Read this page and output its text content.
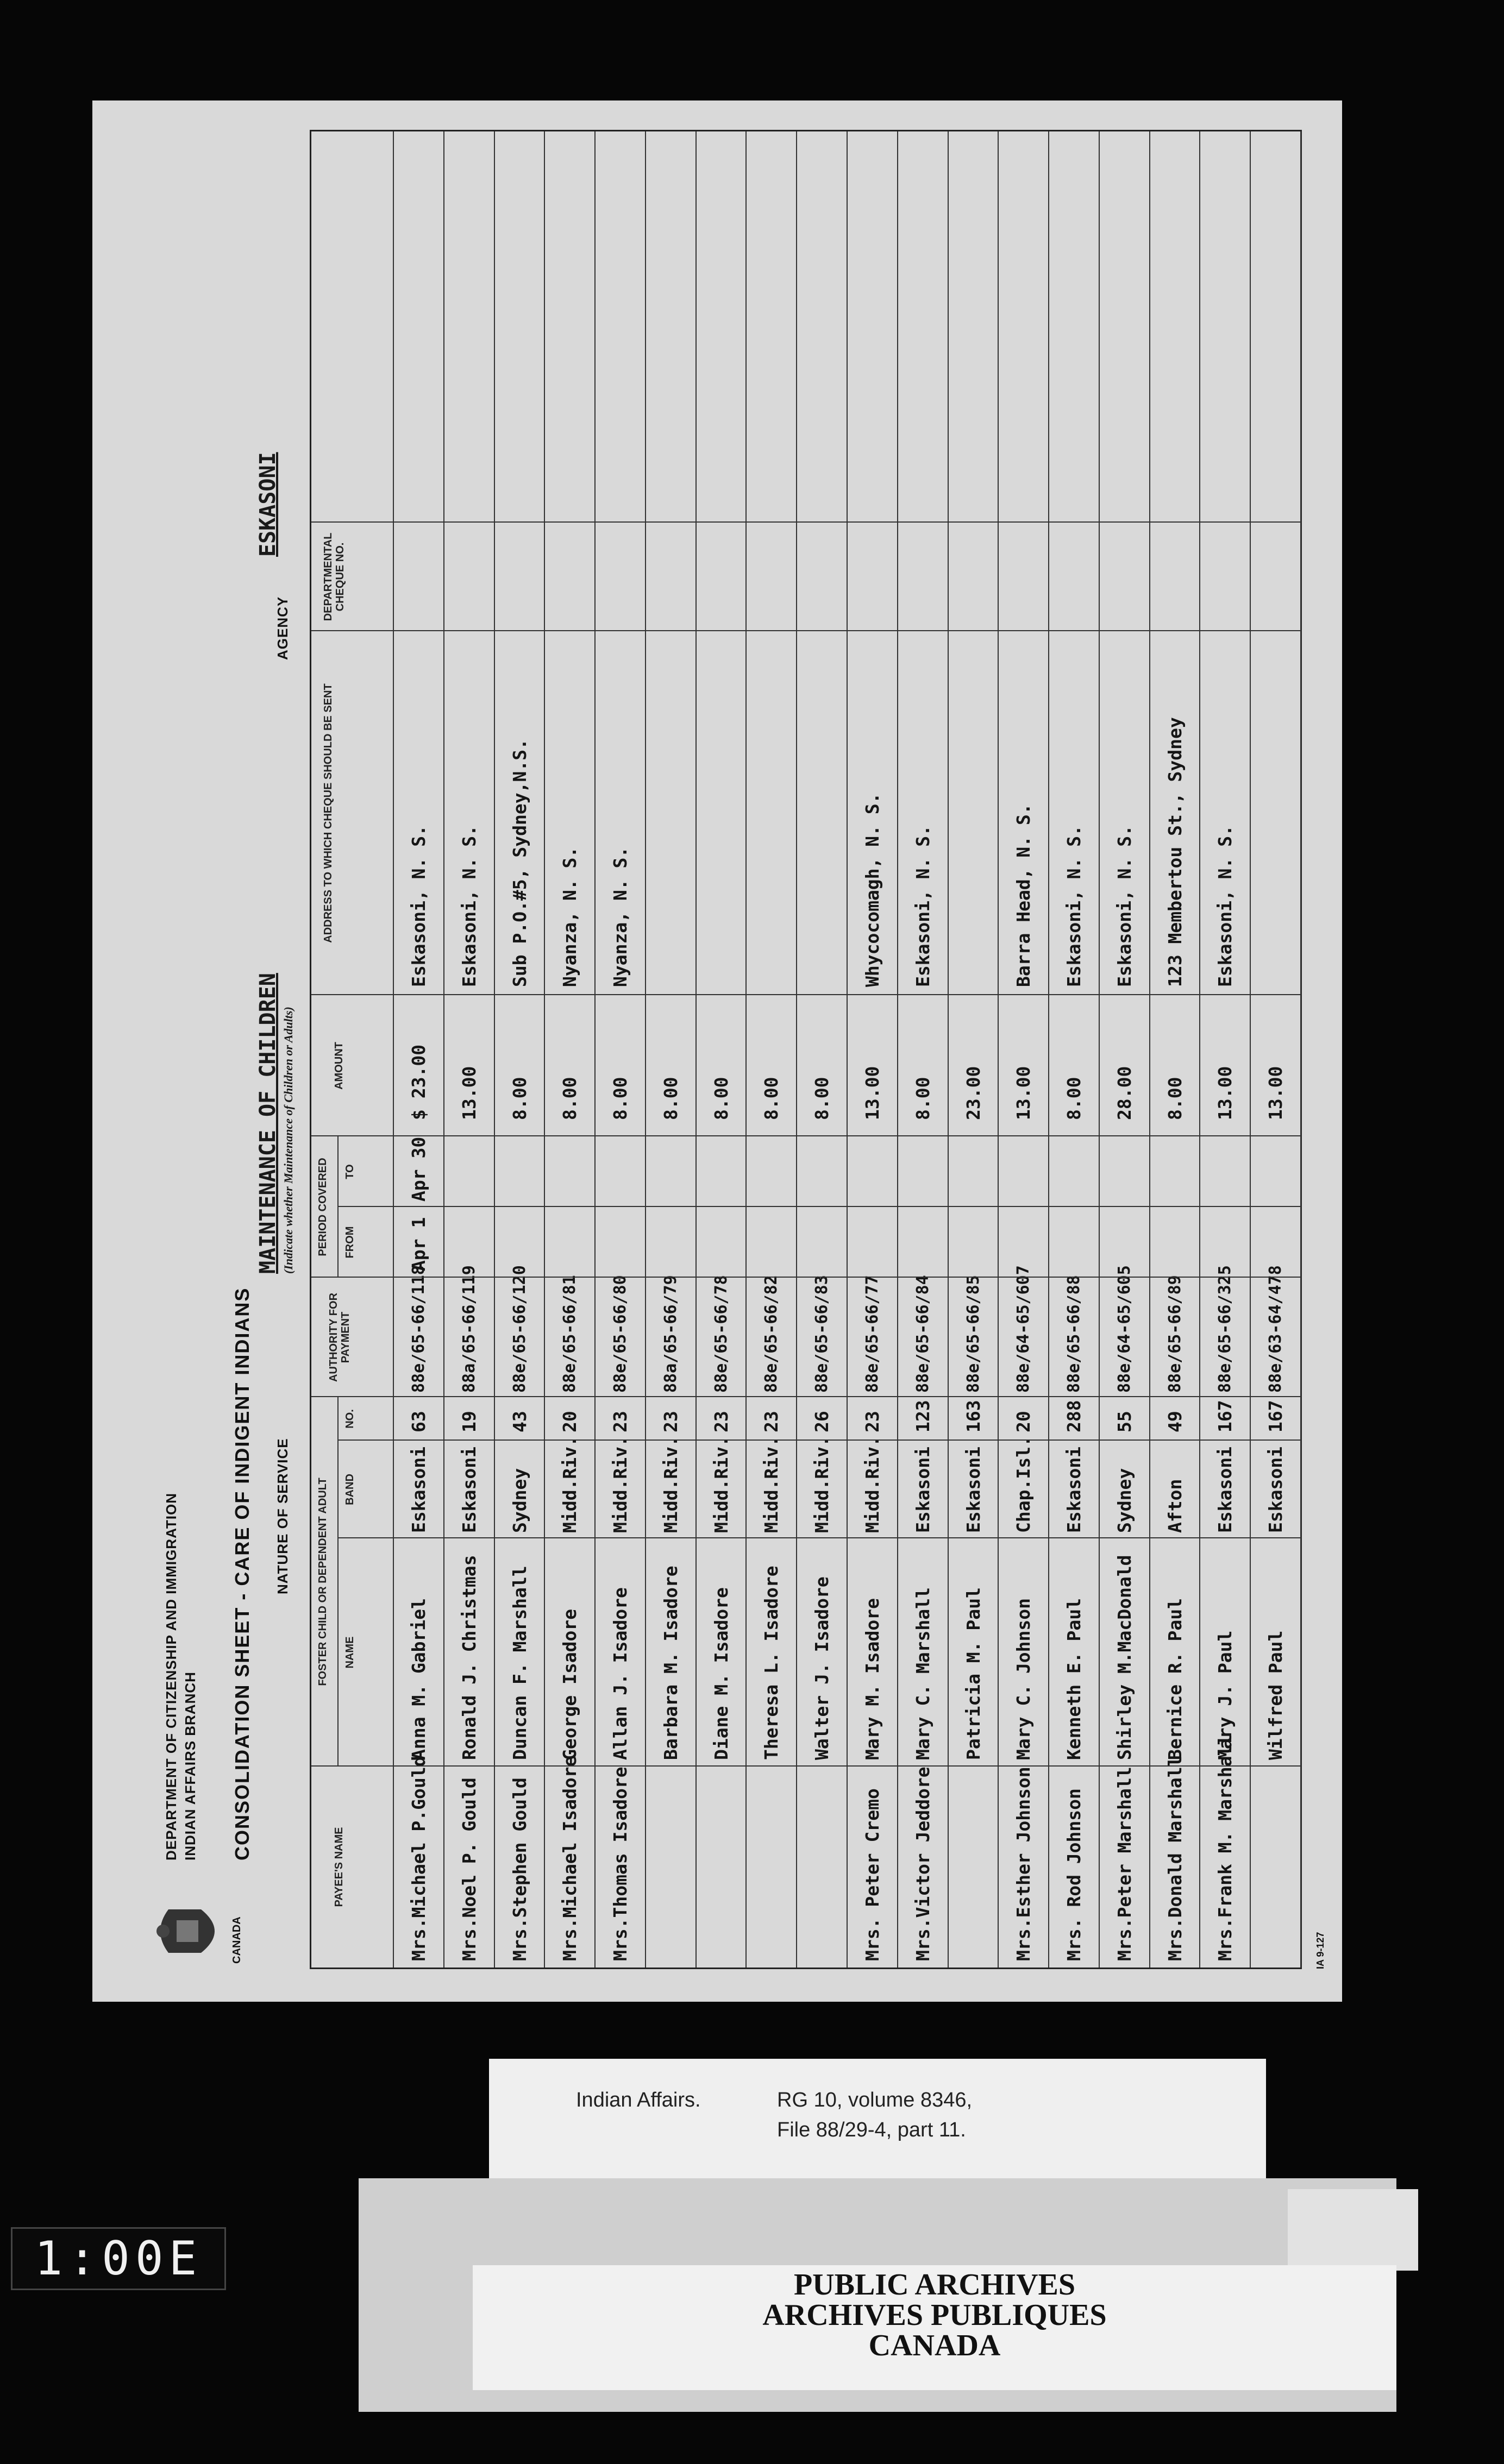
CANADA
DEPARTMENT OF CITIZENSHIP AND IMMIGRATION INDIAN AFFAIRS BRANCH CONSOLIDATION SHEET - CARE OF INDIGENT INDIANS NATURE OF SERVICE
MAINTENANCE OF CHILDREN (Indicate whether Maintenance of Children or Adults)
AGENCY
ESKASONI
IA 9-127
PAYEE'S NAME
FOSTER CHILD OR DEPENDENT ADULT NAME
BAND
NO.
AUTHORITY FOR PAYMENT
PERIOD COVERED FROM
TO
AMOUNT
ADDRESS TO WHICH CHEQUE SHOULD BE SENT
DEPARTMENTAL CHEQUE NO.
Mrs.Michael P.Gould
Anna M. Gabriel
Eskasoni
63
88e/65-66/118
Apr 1
Apr 30
$ 23.00
Eskasoni, N. S.
Mrs.Noel P. Gould
Ronald J. Christmas
Eskasoni
19
88a/65-66/119
13.00
Eskasoni, N. S.
Mrs.Stephen Gould
Duncan F. Marshall
Sydney
43
88e/65-66/120
8.00
Sub P.O.#5, Sydney,N.S.
Mrs.Michael Isadore
George Isadore
Midd.Riv.
20
88e/65-66/81
8.00
Nyanza, N. S.
Mrs.Thomas Isadore
Allan J. Isadore
Midd.Riv.
23
88e/65-66/80
8.00
Nyanza, N. S.
Barbara M. Isadore
Midd.Riv.
23
88a/65-66/79
8.00
Diane M. Isadore
Midd.Riv.
23
88e/65-66/78
8.00
Theresa L. Isadore
Midd.Riv.
23
88e/65-66/82
8.00
Walter J. Isadore
Midd.Riv.
26
88e/65-66/83
8.00
Mrs. Peter Cremo
Mary M. Isadore
Midd.Riv.
23
88e/65-66/77
13.00
Whycocomagh, N. S.
Mrs.Victor Jeddore
Mary C. Marshall
Eskasoni
123
88e/65-66/84
8.00
Eskasoni, N. S.
Patricia M. Paul
Eskasoni
163
88e/65-66/85
23.00
Mrs.Esther Johnson
Mary C. Johnson
Chap.Isl.
20
88e/64-65/607
13.00
Barra Head, N. S.
Mrs. Rod Johnson
Kenneth E. Paul
Eskasoni
288
88e/65-66/88
8.00
Eskasoni, N. S.
Mrs.Peter Marshall
Shirley M.MacDonald
Sydney
55
88e/64-65/605
28.00
Eskasoni, N. S.
Mrs.Donald Marshall
Bernice R. Paul
Afton
49
88e/65-66/89
8.00
123 Membertou St., Sydney
Mrs.Frank M. Marshall
Mary J. Paul
Eskasoni
167
88e/65-66/325
13.00
Eskasoni, N. S.
Wilfred Paul
Eskasoni
167
88e/63-64/478
13.00
Indian Affairs.	RG 10, volume 8346,
File 88/29-4, part 11.
1:00E	PUBLIC ARCHIVES
ARCHIVES PUBLIQUES
CANADA
